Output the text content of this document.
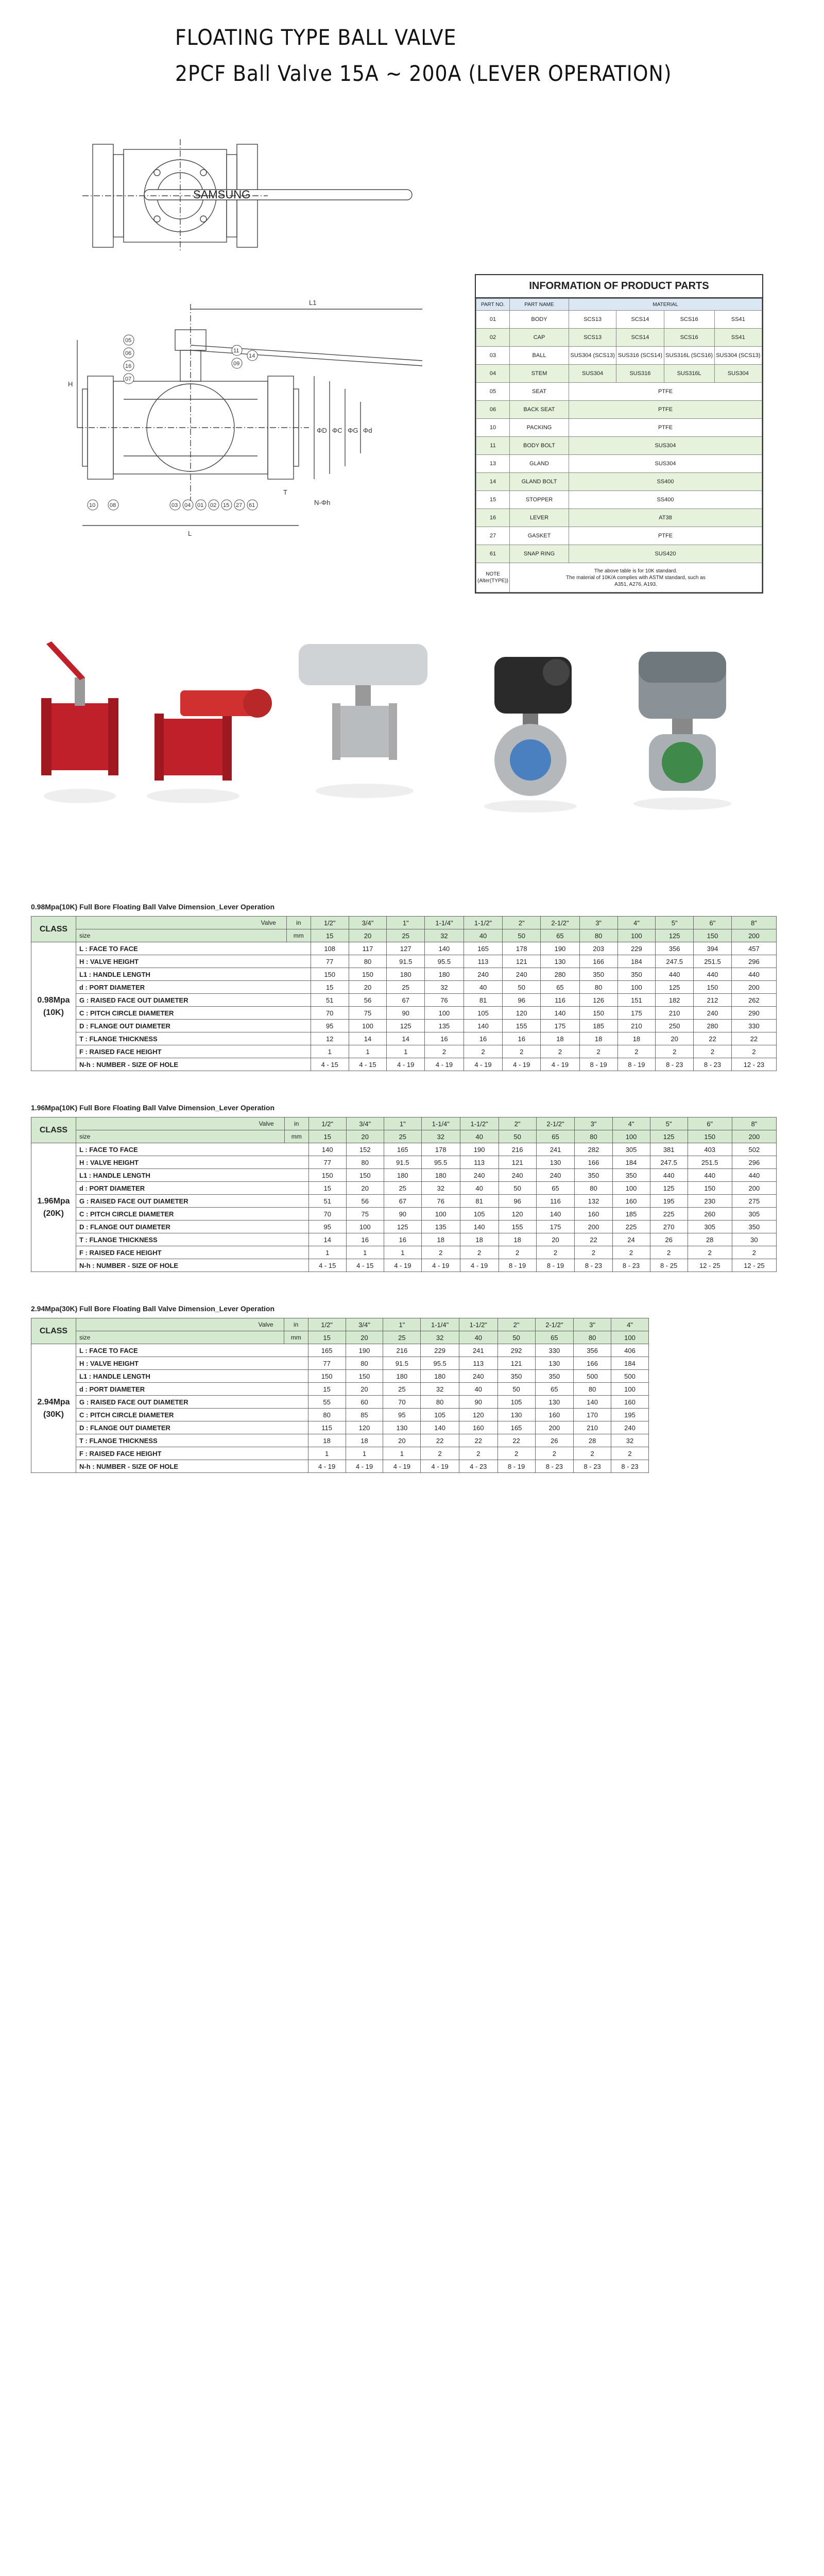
FLOATING TYPE BALL VALVE
2PCF Ball Valve 15A ~ 200A (LEVER OPERATION)
SAMSUNG
L1
H
L
ΦD ΦC ΦG Φd
T
N-Φh
05
06
16
11
09
14
07
10	08	03 04 01 02 15 27 61
INFORMATION OF PRODUCT PARTS
PART NO.	PART NAME	MATERIAL			
01	BODY	SCS13	SCS14	SCS16	SS41
02	CAP	SCS13	SCS14	SCS16	SS41
03	BALL	SUS304 (SCS13)	SUS316 (SCS14)	SUS316L (SCS16)	SUS304 (SCS13)
04	STEM	SUS304	SUS316	SUS316L	SUS304
05	SEAT	PTFE			
06	BACK SEAT	PTFE			
10	PACKING	PTFE			
11	BODY BOLT	SUS304			
13	GLAND	SUS304			
14	GLAND BOLT	SS400			
15	STOPPER	SS400			
16	LEVER	AT38			
27	GASKET	PTFE			
61	SNAP RING	SUS420			
NOTE (Alter(TYPE))	The above table is for 10K standard.
The material of 10K/A complies with ASTM standard, such as
A351, A276, A193.				
0.98Mpa(10K) Full Bore Floating Ball Valve Dimension_Lever Operation
CLASS	Valve	in	1/2"	3/4"	1"	1-1/4"	1-1/2"	2"	2-1/2"	3"	4"	5"	6"	8"
	size	mm	15	20	25	32	40	50	65	80	100	125	150	200

0.98Mpa
(10K)	L : FACE TO FACE		108	117	127	140	165	178	190	203	229	356	394	457
	H : VALVE HEIGHT		77	80	91.5	95.5	113	121	130	166	184	247.5	251.5	296
	L1 : HANDLE LENGTH		150	150	180	180	240	240	280	350	350	440	440	440
	d : PORT DIAMETER		15	20	25	32	40	50	65	80	100	125	150	200
	G : RAISED FACE OUT DIAMETER		51	56	67	76	81	96	116	126	151	182	212	262
	C : PITCH CIRCLE DIAMETER		70	75	90	100	105	120	140	150	175	210	240	290
	D : FLANGE OUT DIAMETER		95	100	125	135	140	155	175	185	210	250	280	330
	T : FLANGE THICKNESS		12	14	14	16	16	16	18	18	18	20	22	22
	F : RAISED FACE HEIGHT		1	1	1	2	2	2	2	2	2	2	2	2
	N-h : NUMBER - SIZE OF HOLE		4 - 15	4 - 15	4 - 19	4 - 19	4 - 19	4 - 19	4 - 19	8 - 19	8 - 19	8 - 23	8 - 23	12 - 23
1.96Mpa(10K) Full Bore Floating Ball Valve Dimension_Lever Operation
CLASS	Valve	in	1/2"	3/4"	1"	1-1/4"	1-1/2"	2"	2-1/2"	3"	4"	5"	6"	8"
	size	mm	15	20	25	32	40	50	65	80	100	125	150	200

1.96Mpa
(20K)	L : FACE TO FACE		140	152	165	178	190	216	241	282	305	381	403	502
	H : VALVE HEIGHT		77	80	91.5	95.5	113	121	130	166	184	247.5	251.5	296
	L1 : HANDLE LENGTH		150	150	180	180	240	240	240	350	350	440	440	440
	d : PORT DIAMETER		15	20	25	32	40	50	65	80	100	125	150	200
	G : RAISED FACE OUT DIAMETER		51	56	67	76	81	96	116	132	160	195	230	275
	C : PITCH CIRCLE DIAMETER		70	75	90	100	105	120	140	160	185	225	260	305
	D : FLANGE OUT DIAMETER		95	100	125	135	140	155	175	200	225	270	305	350
	T : FLANGE THICKNESS		14	16	16	18	18	18	20	22	24	26	28	30
	F : RAISED FACE HEIGHT		1	1	1	2	2	2	2	2	2	2	2	2
	N-h : NUMBER - SIZE OF HOLE		4 - 15	4 - 15	4 - 19	4 - 19	4 - 19	8 - 19	8 - 19	8 - 23	8 - 23	8 - 25	12 - 25	12 - 25
2.94Mpa(30K) Full Bore Floating Ball Valve Dimension_Lever Operation
CLASS	Valve	in	1/2"	3/4"	1"	1-1/4"	1-1/2"	2"	2-1/2"	3"	4"
	size	mm	15	20	25	32	40	50	65	80	100

2.94Mpa
(30K)	L : FACE TO FACE		165	190	216	229	241	292	330	356	406
	H : VALVE HEIGHT		77	80	91.5	95.5	113	121	130	166	184
	L1 : HANDLE LENGTH		150	150	180	180	240	350	350	500	500
	d : PORT DIAMETER		15	20	25	32	40	50	65	80	100
	G : RAISED FACE OUT DIAMETER		55	60	70	80	90	105	130	140	160
	C : PITCH CIRCLE DIAMETER		80	85	95	105	120	130	160	170	195
	D : FLANGE OUT DIAMETER		115	120	130	140	160	165	200	210	240
	T : FLANGE THICKNESS		18	18	20	22	22	22	26	28	32
	F : RAISED FACE HEIGHT		1	1	1	2	2	2	2	2	2
	N-h : NUMBER - SIZE OF HOLE		4 - 19	4 - 19	4 - 19	4 - 19	4 - 23	8 - 19	8 - 23	8 - 23	8 - 23
